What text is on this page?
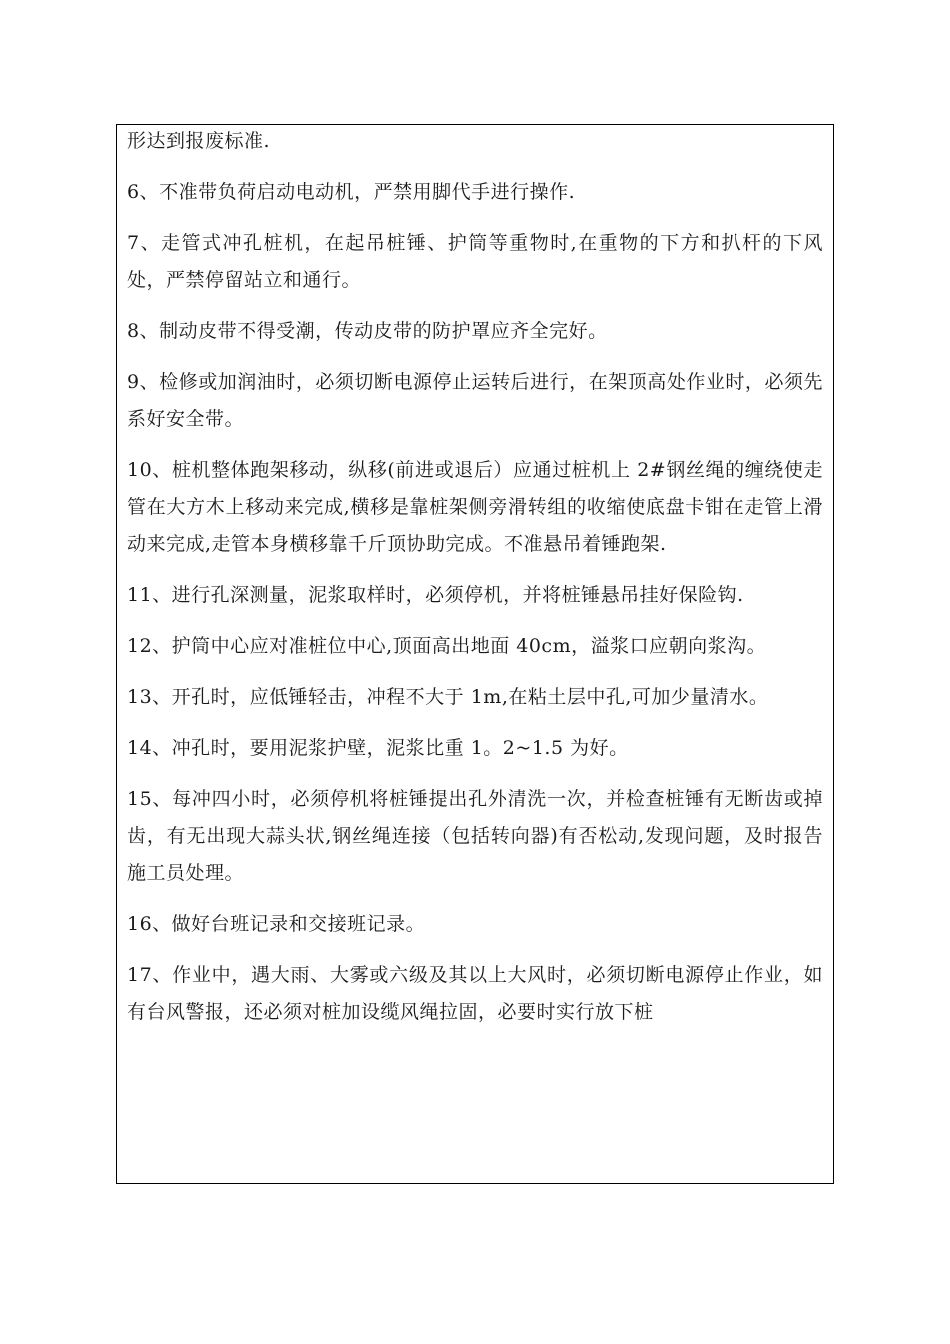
形达到报废标准.

6、不准带负荷启动电动机，严禁用脚代手进行操作.

7、走管式冲孔桩机，在起吊桩锤、护筒等重物时,在重物的下方和扒杆的下风处，严禁停留站立和通行。

8、制动皮带不得受潮，传动皮带的防护罩应齐全完好。

9、检修或加润油时，必须切断电源停止运转后进行，在架顶高处作业时，必须先系好安全带。

10、桩机整体跑架移动，纵移(前进或退后）应通过桩机上 2#钢丝绳的缠绕使走管在大方木上移动来完成,横移是靠桩架侧旁滑转组的收缩使底盘卡钳在走管上滑动来完成,走管本身横移靠千斤顶协助完成。不准悬吊着锤跑架.

11、进行孔深测量，泥浆取样时，必须停机，并将桩锤悬吊挂好保险钩.

12、护筒中心应对准桩位中心,顶面高出地面 40cm，溢浆口应朝向浆沟。

13、开孔时，应低锤轻击，冲程不大于 1m,在粘土层中孔,可加少量清水。

14、冲孔时，要用泥浆护壁，泥浆比重 1。2~1.5 为好。

15、每冲四小时，必须停机将桩锤提出孔外清洗一次，并检查桩锤有无断齿或掉齿，有无出现大蒜头状,钢丝绳连接（包括转向器)有否松动,发现问题，及时报告施工员处理。

16、做好台班记录和交接班记录。

17、作业中，遇大雨、大雾或六级及其以上大风时，必须切断电源停止作业，如有台风警报，还必须对桩加设缆风绳拉固，必要时实行放下桩
